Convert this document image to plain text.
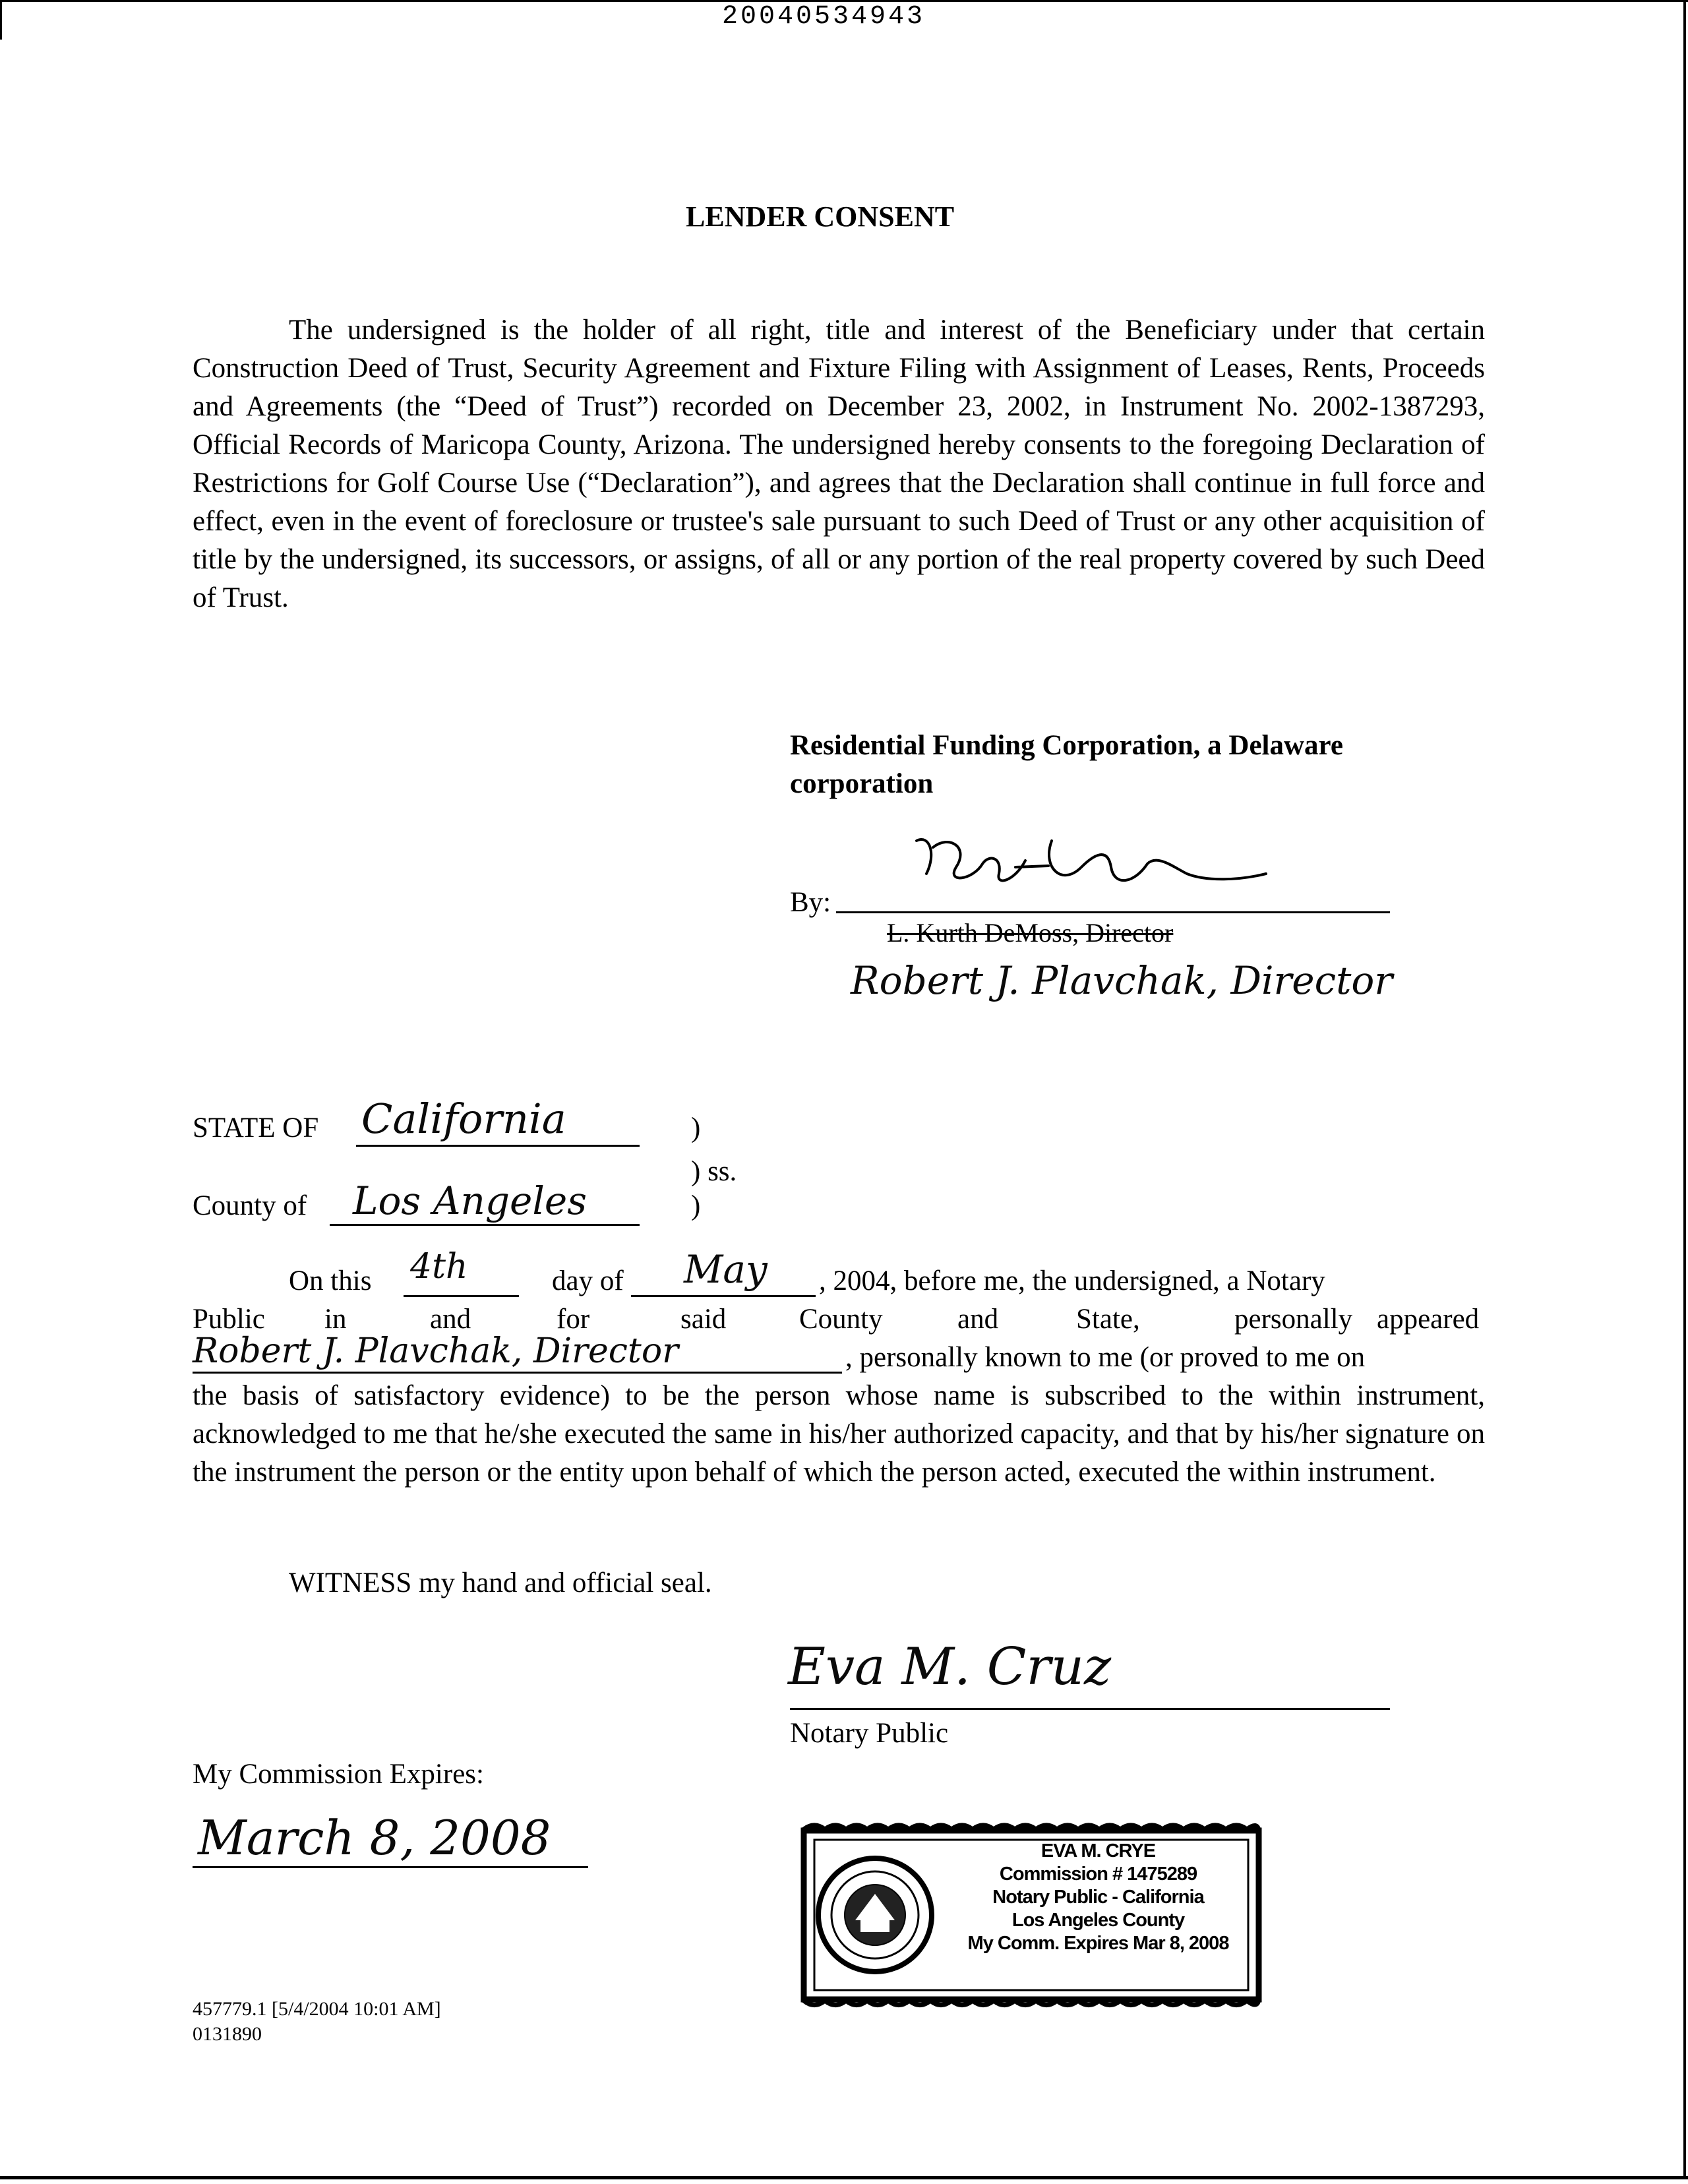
20040534943
LENDER CONSENT
The undersigned is the holder of all right, title and interest of the Beneficiary under that certain Construction Deed of Trust, Security Agreement and Fixture Filing with Assignment of Leases, Rents, Proceeds and Agreements (the “Deed of Trust”) recorded on December 23, 2002, in Instrument No. 2002-1387293, Official Records of Maricopa County, Arizona. The undersigned hereby consents to the foregoing Declaration of Restrictions for Golf Course Use (“Declaration”), and agrees that the Declaration shall continue in full force and effect, even in the event of foreclosure or trustee's sale pursuant to such Deed of Trust or any other acquisition of title by the undersigned, its successors, or assigns, of all or any portion of the real property covered by such Deed of Trust.
Residential Funding Corporation, a Delaware corporation
By:
L. Kurth DeMoss, Director
Robert J. Plavchak, Director
STATE OF California	)
) ss.
County of Los Angeles	)
On this 4th	day of May , 2004, before me, the undersigned, a Notary
Public in	and	for	said	County	and	State,	personally appeared
Robert J. Plavchak, Director	, personally known to me (or proved to me on
the basis of satisfactory evidence) to be the person whose name is subscribed to the within instrument, acknowledged to me that he/she executed the same in his/her authorized capacity, and that by his/her signature on the instrument the person or the entity upon behalf of which the person acted, executed the within instrument.
WITNESS my hand and official seal.
Eva M. Cruz
Notary Public
My Commission Expires:
March 8, 2008	EVA M. CRYE
Commission # 1475289
Notary Public - California
Los Angeles County
My Comm. Expires Mar 8, 2008
457779.1 [5/4/2004 10:01 AM]
0131890
